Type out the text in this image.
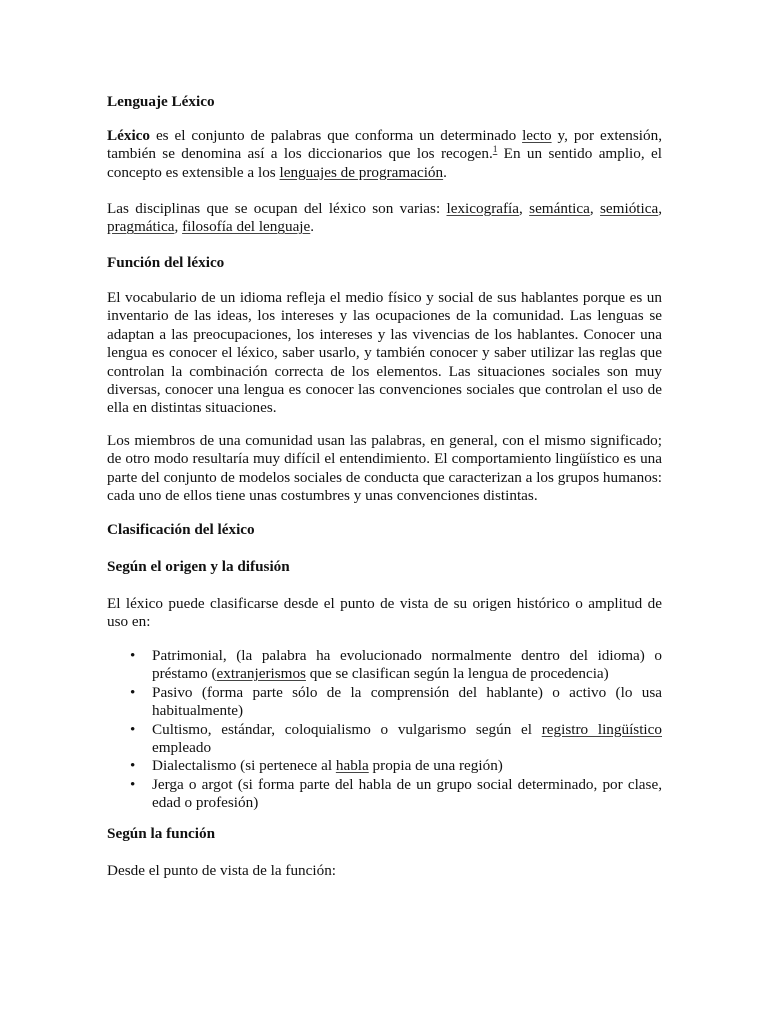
Lenguaje Léxico

Léxico es el conjunto de palabras que conforma un determinado lecto y, por extensión, también se denomina así a los diccionarios que los recogen.$^1$ En un sentido amplio, el concepto es extensible a los lenguajes de programación.

Las disciplinas que se ocupan del léxico son varias: lexicografía, semántica, semiótica, pragmática, filosofía del lenguaje.

Función del léxico

El vocabulario de un idioma refleja el medio físico y social de sus hablantes porque es un inventario de las ideas, los intereses y las ocupaciones de la comunidad. Las lenguas se adaptan a las preocupaciones, los intereses y las vivencias de los hablantes. Conocer una lengua es conocer el léxico, saber usarlo, y también conocer y saber utilizar las reglas que controlan la combinación correcta de los elementos. Las situaciones sociales son muy diversas, conocer una lengua es conocer las convenciones sociales que controlan el uso de ella en distintas situaciones.

Los miembros de una comunidad usan las palabras, en general, con el mismo significado; de otro modo resultaría muy difícil el entendimiento. El comportamiento lingüístico es una parte del conjunto de modelos sociales de conducta que caracterizan a los grupos humanos: cada uno de ellos tiene unas costumbres y unas convenciones distintas.

Clasificación del léxico
Según el origen y la difusión

El léxico puede clasificarse desde el punto de vista de su origen histórico o amplitud de uso en:

• Patrimonial, (la palabra ha evolucionado normalmente dentro del idioma) o préstamo (extranjerismos que se clasifican según la lengua de procedencia)
• Pasivo (forma parte sólo de la comprensión del hablante) o activo (lo usa habitualmente)
• Cultismo, estándar, coloquialismo o vulgarismo según el registro lingüístico empleado
• Dialectalismo (si pertenece al habla propia de una región)
• Jerga o argot (si forma parte del habla de un grupo social determinado, por clase, edad o profesión)
Según la función

Desde el punto de vista de la función:
